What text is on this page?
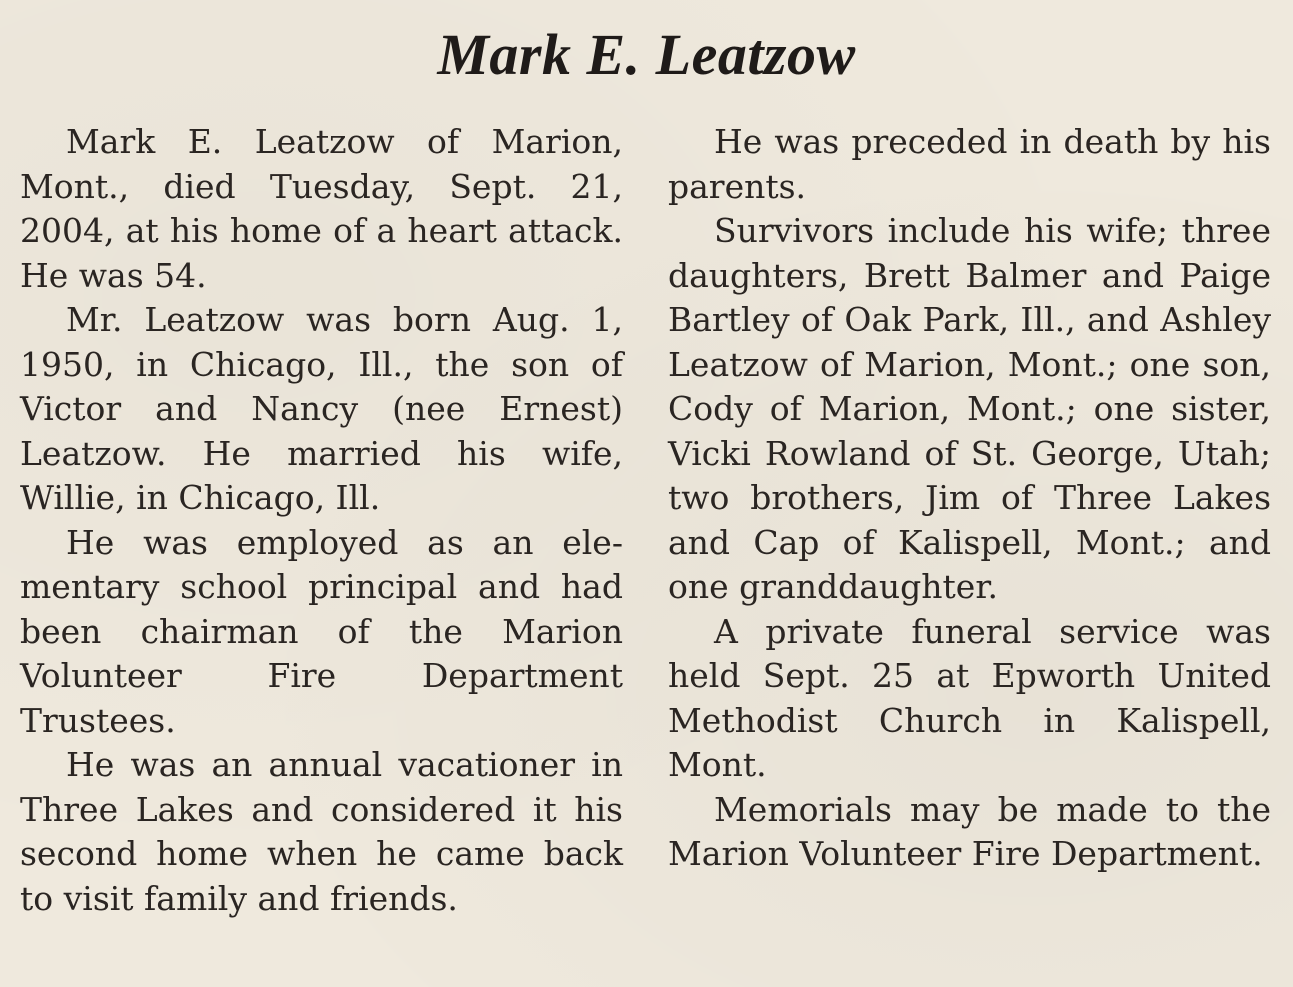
Mark E. Leatzow

Mark E. Leatzow of Marion, Mont., died Tuesday, Sept. 21, 2004, at his home of a heart attack. He was 54.

Mr. Leatzow was born Aug. 1, 1950, in Chicago, Ill., the son of Victor and Nancy (nee Ernest) Leatzow. He married his wife, Willie, in Chicago, Ill.

He was employed as an elementary school principal and had been chairman of the Marion Volunteer Fire Department Trustees.

He was an annual vacationer in Three Lakes and considered it his second home when he came back to visit family and friends.

He was preceded in death by his parents.

Survivors include his wife; three daughters, Brett Balmer and Paige Bartley of Oak Park, Ill., and Ashley Leatzow of Marion, Mont.; one son, Cody of Marion, Mont.; one sister, Vicki Rowland of St. George, Utah; two brothers, Jim of Three Lakes and Cap of Kalispell, Mont.; and one granddaughter.

A private funeral service was held Sept. 25 at Epworth United Methodist Church in Kalispell, Mont.

Memorials may be made to the Marion Volunteer Fire Department.
